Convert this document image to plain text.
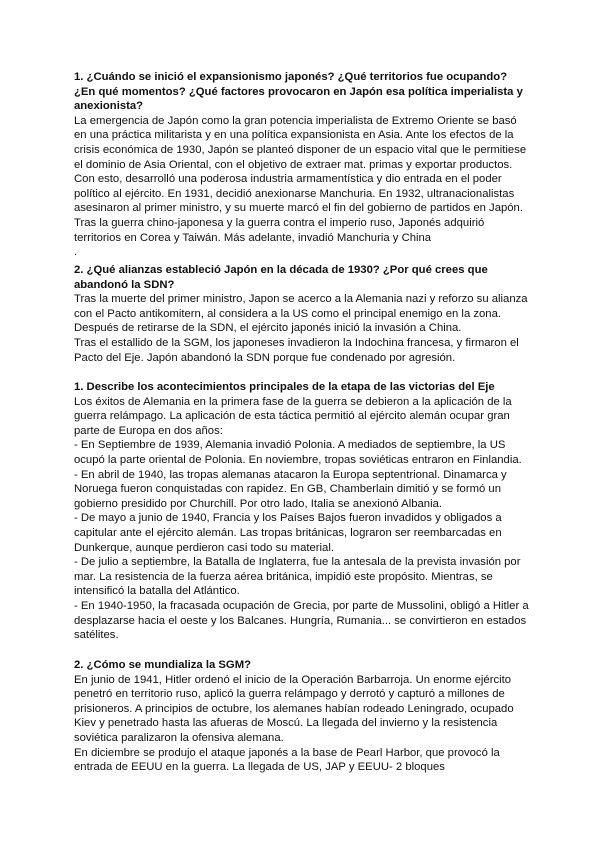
1. ¿Cuándo se inició el expansionismo japonés? ¿Qué territorios fue ocupando? ¿En qué momentos? ¿Qué factores provocaron en Japón esa política imperialista y anexionista?

La emergencia de Japón como la gran potencia imperialista de Extremo Oriente se basó en una práctica militarista y en una política expansionista en Asia. Ante los efectos de la crisis económica de 1930, Japón se planteó disponer de un espacio vital que le permitiese el dominio de Asia Oriental, con el objetivo de extraer mat. primas y exportar productos.

Con esto, desarrolló una poderosa industria armamentística y dio entrada en el poder político al ejército. En 1931, decidió anexionarse Manchuria. En 1932, ultranacionalistas asesinaron al primer ministro, y su muerte marcó el fin del gobierno de partidos en Japón.

Tras la guerra chino-japonesa y la guerra contra el imperio ruso, Japonés adquirió territorios en Corea y Taiwán. Más adelante, invadió Manchuria y China

.

2. ¿Qué alianzas estableció Japón en la década de 1930? ¿Por qué crees que abandonó la SDN?

Tras la muerte del primer ministro, Japon se acerco a la Alemania nazi y reforzo su alianza con el Pacto antikomitern, al considera a la US como el principal enemigo en la zona.

Después de retirarse de la SDN, el ejército japonés inició la invasión a China.

Tras el estallido de la SGM, los japoneses invadieron la Indochina francesa, y firmaron el Pacto del Eje. Japón abandonó la SDN porque fue condenado por agresión.

1. Describe los acontecimientos principales de la etapa de las victorias del Eje

Los éxitos de Alemania en la primera fase de la guerra se debieron a la aplicación de la guerra relámpago. La aplicación de esta táctica permitió al ejército alemán ocupar gran parte de Europa en dos años:

- En Septiembre de 1939, Alemania invadió Polonia. A mediados de septiembre, la US ocupó la parte oriental de Polonia. En noviembre, tropas soviéticas entraron en Finlandia.

- En abril de 1940, las tropas alemanas atacaron la Europa septentrional. Dinamarca y Noruega fueron conquistadas con rapidez. En GB, Chamberlain dimitió y se formó un gobierno presidido por Churchill. Por otro lado, Italia se anexionó Albania.

- De mayo a junio de 1940, Francia y los Países Bajos fueron invadidos y obligados a capitular ante el ejército alemán. Las tropas británicas, lograron ser reembarcadas en Dunkerque, aunque perdieron casi todo su material.

- De julio a septiembre, la Batalla de Inglaterra, fue la antesala de la prevista invasión por mar. La resistencia de la fuerza aérea británica, impidió este propósito. Mientras, se intensificó la batalla del Atlántico.

- En 1940-1950, la fracasada ocupación de Grecia, por parte de Mussolini, obligó a Hitler a desplazarse hacia el oeste y los Balcanes. Hungría, Rumania... se convirtieron en estados satélites.

2. ¿Cómo se mundializa la SGM?

En junio de 1941, Hitler ordenó el inicio de la Operación Barbarroja. Un enorme ejército penetró en territorio ruso, aplicó la guerra relámpago y derrotó y capturó a millones de prisioneros. A principios de octubre, los alemanes habían rodeado Leningrado, ocupado Kiev y penetrado hasta las afueras de Moscú. La llegada del invierno y la resistencia soviética paralizaron la ofensiva alemana.

En diciembre se produjo el ataque japonés a la base de Pearl Harbor, que provocó la entrada de EEUU en la guerra. La llegada de US, JAP y EEUU- 2 bloques
